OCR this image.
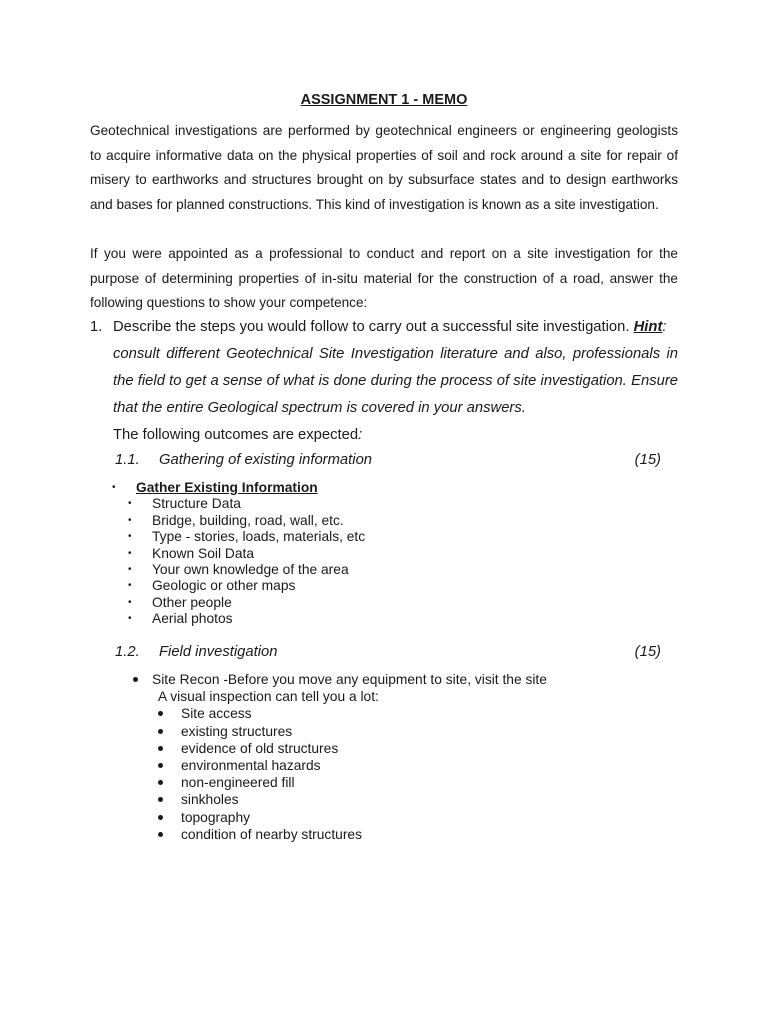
ASSIGNMENT 1 - MEMO
Geotechnical investigations are performed by geotechnical engineers or engineering geologists
to acquire informative data on the physical properties of soil and rock around a site for repair of
misery to earthworks and structures brought on by subsurface states and to design earthworks
and bases for planned constructions. This kind of investigation is known as a site investigation.
If you were appointed as a professional to conduct and report on a site investigation for the
purpose of determining properties of in-situ material for the construction of a road, answer the
following questions to show your competence:
1. Describe the steps you would follow to carry out a successful site investigation. Hint:
consult different Geotechnical Site Investigation literature and also, professionals in
the field to get a sense of what is done during the process of site investigation. Ensure
that the entire Geological spectrum is covered in your answers.
The following outcomes are expected:
1.1. Gathering of existing information	(15)
• Gather Existing Information
• Structure Data
• Bridge, building, road, wall, etc.
• Type - stories, loads, materials, etc
• Known Soil Data
• Your own knowledge of the area
• Geologic or other maps
• Other people
• Aerial photos
1.2. Field investigation	(15)
Site Recon -Before you move any equipment to site, visit the site
A visual inspection can tell you a lot:
Site access
existing structures
evidence of old structures
environmental hazards
non-engineered fill
sinkholes
topography
condition of nearby structures
